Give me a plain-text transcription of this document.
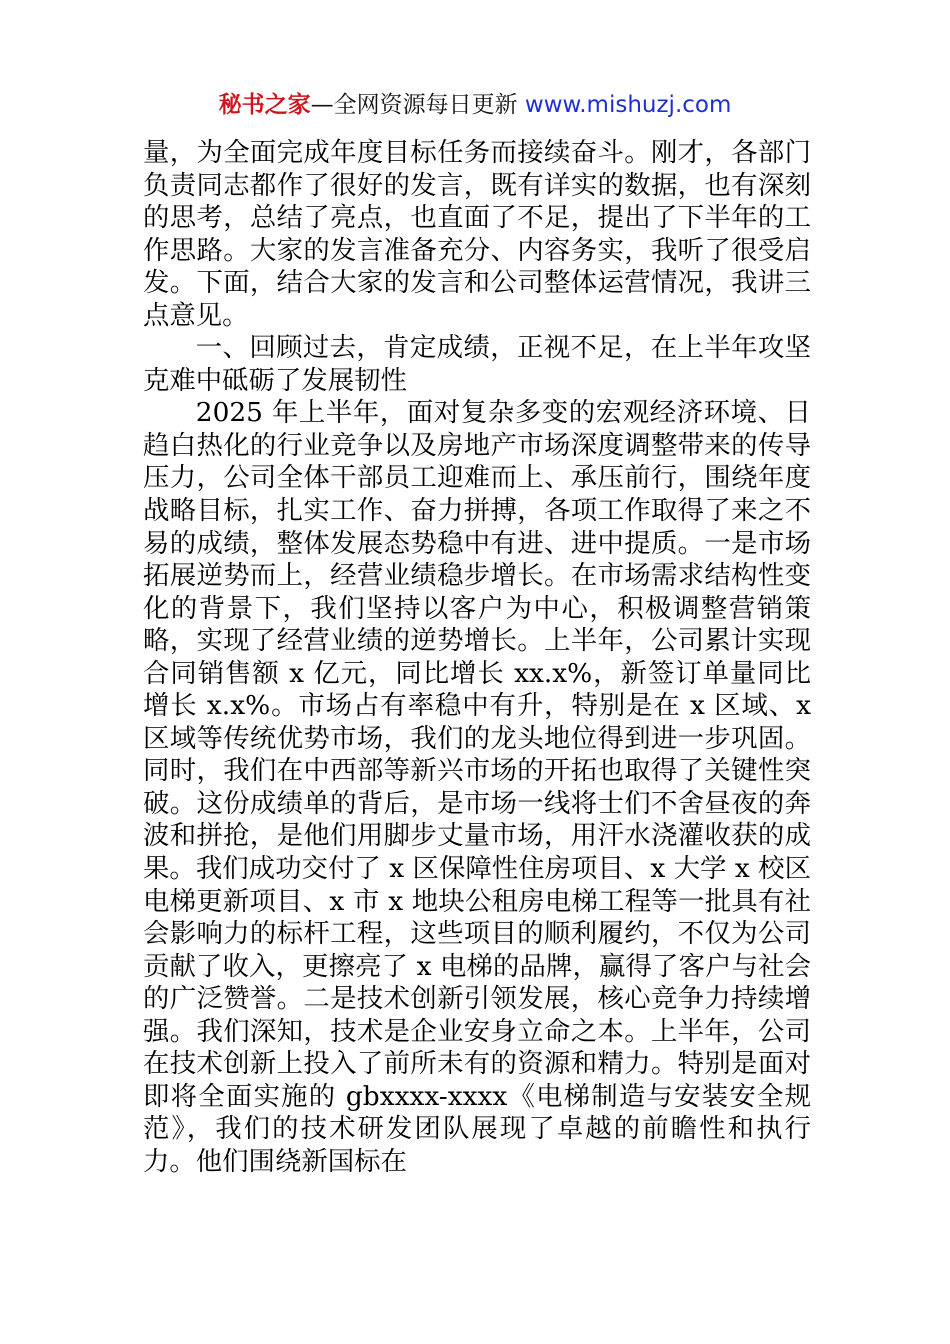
秘书之家—全网资源每日更新 www.mishuzj.com

量，为全面完成年度目标任务而接续奋斗。刚才，各部门负责同志都作了很好的发言，既有详实的数据，也有深刻的思考，总结了亮点，也直面了不足，提出了下半年的工作思路。大家的发言准备充分、内容务实，我听了很受启发。下面，结合大家的发言和公司整体运营情况，我讲三点意见。

一、回顾过去，肯定成绩，正视不足，在上半年攻坚克难中砥砺了发展韧性

2025 年上半年，面对复杂多变的宏观经济环境、日趋白热化的行业竞争以及房地产市场深度调整带来的传导压力，公司全体干部员工迎难而上、承压前行，围绕年度战略目标，扎实工作、奋力拼搏，各项工作取得了来之不易的成绩，整体发展态势稳中有进、进中提质。一是市场拓展逆势而上，经营业绩稳步增长。在市场需求结构性变化的背景下，我们坚持以客户为中心，积极调整营销策略，实现了经营业绩的逆势增长。上半年，公司累计实现合同销售额 x 亿元，同比增长 xx.x%，新签订单量同比增长 x.x%。市场占有率稳中有升，特别是在 x 区域、x 区域等传统优势市场，我们的龙头地位得到进一步巩固。同时，我们在中西部等新兴市场的开拓也取得了关键性突破。这份成绩单的背后，是市场一线将士们不舍昼夜的奔波和拼抢，是他们用脚步丈量市场，用汗水浇灌收获的成果。我们成功交付了 x 区保障性住房项目、x 大学 x 校区电梯更新项目、x 市 x 地块公租房电梯工程等一批具有社会影响力的标杆工程，这些项目的顺利履约，不仅为公司贡献了收入，更擦亮了 x 电梯的品牌，赢得了客户与社会的广泛赞誉。二是技术创新引领发展，核心竞争力持续增强。我们深知，技术是企业安身立命之本。上半年，公司在技术创新上投入了前所未有的资源和精力。特别是面对即将全面实施的 gbxxxx-xxxx《电梯制造与安装安全规范》，我们的技术研发团队展现了卓越的前瞻性和执行力。他们围绕新国标在
